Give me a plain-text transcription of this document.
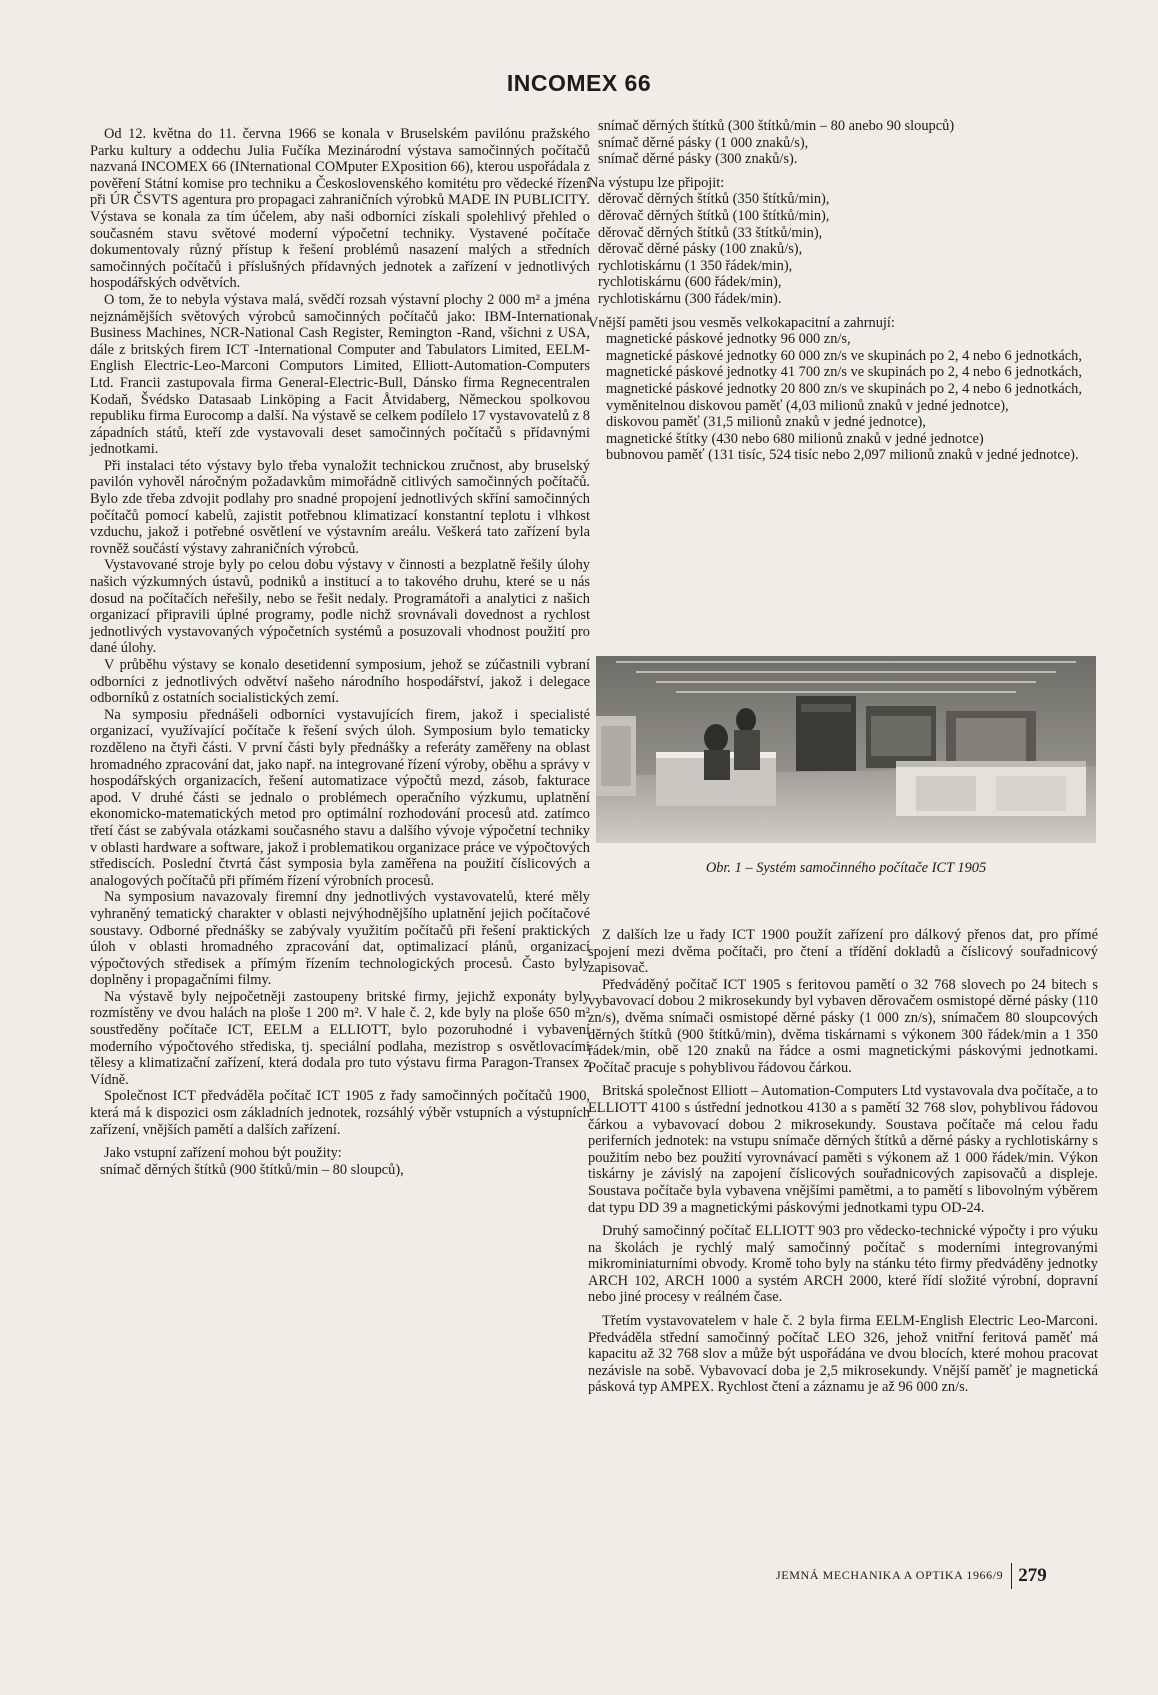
INCOMEX 66

Od 12. května do 11. června 1966 se konala v Bruselském pavilónu pražského Parku kultury a oddechu Julia Fučíka Mezinárodní výstava samočinných počítačů nazvaná INCOMEX 66 (INternational COMputer EXposition 66), kterou uspořádala z pověření Státní komise pro techniku a Československého komitétu pro vědecké řízení při ÚR ČSVTS agentura pro propagaci zahraničních výrobků MADE IN PUBLICITY. Výstava se konala za tím účelem, aby naši odborníci získali spolehlivý přehled o současném stavu světové moderní výpočetní techniky. Vystavené počítače dokumentovaly různý přístup k řešení problémů nasazení malých a středních samočinných počítačů i příslušných přídavných jednotek a zařízení v jednotlivých hospodářských odvětvích.

O tom, že to nebyla výstava malá, svědčí rozsah výstavní plochy 2 000 m² a jména nejznámějších světových výrobců samočinných počítačů jako: IBM-International Business Machines, NCR-National Cash Register, Remington -Rand, všichni z USA, dále z britských firem ICT -International Computer and Tabulators Limited, EELM-English Electric-Leo-Marconi Computors Limited, Elliott-Automation-Computers Ltd. Francii zastupovala firma General-Electric-Bull, Dánsko firma Regnecentralen Kodaň, Švédsko Datasaab Linköping a Facit Åtvidaberg, Německou spolkovou republiku firma Eurocomp a další. Na výstavě se celkem podílelo 17 vystavovatelů z 8 západních států, kteří zde vystavovali deset samočinných počítačů s přídavnými jednotkami.

Při instalaci této výstavy bylo třeba vynaložit technickou zručnost, aby bruselský pavilón vyhověl náročným požadavkům mimořádně citlivých samočinných počítačů. Bylo zde třeba zdvojit podlahy pro snadné propojení jednotlivých skříní samočinných počítačů pomocí kabelů, zajistit potřebnou klimatizací konstantní teplotu i vlhkost vzduchu, jakož i potřebné osvětlení ve výstavním areálu. Veškerá tato zařízení byla rovněž součástí výstavy zahraničních výrobců.

Vystavované stroje byly po celou dobu výstavy v činnosti a bezplatně řešily úlohy našich výzkumných ústavů, podniků a institucí a to takového druhu, které se u nás dosud na počítačích neřešily, nebo se řešit nedaly. Programátoři a analytici z našich organizací připravili úplné programy, podle nichž srovnávali dovednost a rychlost jednotlivých vystavovaných výpočetních systémů a posuzovali vhodnost použití pro dané úlohy.

V průběhu výstavy se konalo desetidenní symposium, jehož se zúčastnili vybraní odborníci z jednotlivých odvětví našeho národního hospodářství, jakož i delegace odborníků z ostatních socialistických zemí.

Na symposiu přednášeli odborníci vystavujících firem, jakož i specialisté organizací, využívající počítače k řešení svých úloh. Symposium bylo tematicky rozděleno na čtyři části. V první části byly přednášky a referáty zaměřeny na oblast hromadného zpracování dat, jako např. na integrované řízení výroby, oběhu a správy v hospodářských organizacích, řešení automatizace výpočtů mezd, zásob, fakturace apod. V druhé části se jednalo o problémech operačního výzkumu, uplatnění ekonomicko-matematických metod pro optimální rozhodování procesů atd. zatímco třetí část se zabývala otázkami současného stavu a dalšího vývoje výpočetní techniky v oblasti hardware a software, jakož i problematikou organizace práce ve výpočtových střediscích. Poslední čtvrtá část symposia byla zaměřena na použití číslicových a analogových počítačů při přímém řízení výrobních procesů.

Na symposium navazovaly firemní dny jednotlivých vystavovatelů, které měly vyhraněný tematický charakter v oblasti nejvýhodnějšího uplatnění jejich počítačové soustavy. Odborné přednášky se zabývaly využitím počítačů při řešení praktických úloh v oblasti hromadného zpracování dat, optimalizací plánů, organizací výpočtových středisek a přímým řízením technologických procesů. Často byly doplněny i propagačními filmy.

Na výstavě byly nejpočetněji zastoupeny britské firmy, jejichž exponáty byly rozmístěny ve dvou halách na ploše 1 200 m². V hale č. 2, kde byly na ploše 650 m² soustředěny počítače ICT, EELM a ELLIOTT, bylo pozoruhodné i vybavení moderního výpočtového střediska, tj. speciální podlaha, mezistrop s osvětlovacími tělesy a klimatizační zařízení, která dodala pro tuto výstavu firma Paragon-Transex z Vídně.

Společnost ICT předváděla počítač ICT 1905 z řady samočinných počítačů 1900, která má k dispozici osm základních jednotek, rozsáhlý výběr vstupních a výstupních zařízení, vnějších pamětí a dalších zařízení.

Jako vstupní zařízení mohou být použity:

snímač děrných štítků (900 štítků/min – 80 sloupců),
snímač děrných štítků (300 štítků/min – 80 anebo 90 sloupců)
snímač děrné pásky (1 000 znaků/s),
snímač děrné pásky (300 znaků/s).

Na výstupu lze připojit:

děrovač děrných štítků (350 štítků/min),
děrovač děrných štítků (100 štítků/min),
děrovač děrných štítků (33 štítků/min),
děrovač děrné pásky (100 znaků/s),
rychlotiskárnu (1 350 řádek/min),
rychlotiskárnu (600 řádek/min),
rychlotiskárnu (300 řádek/min).

Vnější paměti jsou vesměs velkokapacitní a zahrnují:

magnetické páskové jednotky 96 000 zn/s,
magnetické páskové jednotky 60 000 zn/s ve skupinách po 2, 4 nebo 6 jednotkách,
magnetické páskové jednotky 41 700 zn/s ve skupinách po 2, 4 nebo 6 jednotkách,
magnetické páskové jednotky 20 800 zn/s ve skupinách po 2, 4 nebo 6 jednotkách,
vyměnitelnou diskovou paměť (4,03 milionů znaků v jedné jednotce),
diskovou paměť (31,5 milionů znaků v jedné jednotce),
magnetické štítky (430 nebo 680 milionů znaků v jedné jednotce)
bubnovou paměť (131 tisíc, 524 tisíc nebo 2,097 milionů znaků v jedné jednotce).
Obr. 1 – Systém samočinného počítače ICT 1905

Z dalších lze u řady ICT 1900 použít zařízení pro dálkový přenos dat, pro přímé spojení mezi dvěma počítači, pro čtení a třídění dokladů a číslicový souřadnicový zapisovač.

Předváděný počítač ICT 1905 s feritovou pamětí o 32 768 slovech po 24 bitech s vybavovací dobou 2 mikrosekundy byl vybaven děrovačem osmistopé děrné pásky (110 zn/s), dvěma snímači osmistopé děrné pásky (1 000 zn/s), snímačem 80 sloupcových děrných štítků (900 štítků/min), dvěma tiskárnami s výkonem 300 řádek/min a 1 350 řádek/min, obě 120 znaků na řádce a osmi magnetickými páskovými jednotkami. Počítač pracuje s pohyblivou řádovou čárkou.

Britská společnost Elliott – Automation-Computers Ltd vystavovala dva počítače, a to ELLIOTT 4100 s ústřední jednotkou 4130 a s pamětí 32 768 slov, pohyblivou řádovou čárkou a vybavovací dobou 2 mikrosekundy. Soustava počítače má celou řadu periferních jednotek: na vstupu snímače děrných štítků a děrné pásky a rychlotiskárny s použitím nebo bez použití vyrovnávací paměti s výkonem až 1 000 řádek/min. Výkon tiskárny je závislý na zapojení číslicových souřadnicových zapisovačů a displeje. Soustava počítače byla vybavena vnějšími pamětmi, a to pamětí s libovolným výběrem dat typu DD 39 a magnetickými páskovými jednotkami typu OD-24.

Druhý samočinný počítač ELLIOTT 903 pro vědecko-technické výpočty i pro výuku na školách je rychlý malý samočinný počítač s moderními integrovanými mikrominiaturními obvody. Kromě toho byly na stánku této firmy předváděny jednotky ARCH 102, ARCH 1000 a systém ARCH 2000, které řídí složité výrobní, dopravní nebo jiné procesy v reálném čase.

Třetím vystavovatelem v hale č. 2 byla firma EELM-English Electric Leo-Marconi. Předváděla střední samočinný počítač LEO 326, jehož vnitřní feritová paměť má kapacitu až 32 768 slov a může být uspořádána ve dvou blocích, které mohou pracovat nezávisle na sobě. Vybavovací doba je 2,5 mikrosekundy. Vnější paměť je magnetická pásková typ AMPEX. Rychlost čtení a záznamu je až 96 000 zn/s.

JEMNÁ MECHANIKA A OPTIKA 1966/9 279
